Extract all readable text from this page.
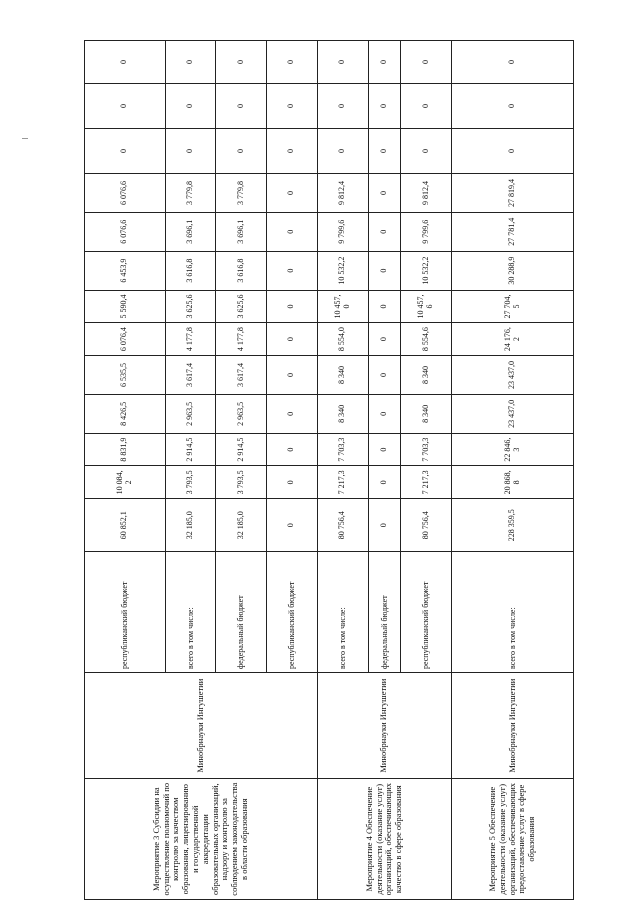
Мероприятие 3 Субсидии на осуществление полномочий по контролю за качеством образования, лицензированию и государственной аккредитации образовательных организаций, надзору и контролю за соблюдением законодательства в области образования	Минобрнауки Ингушетии	республиканский бюджет	60 852,1	10 084,2	8 831,9	8 426,5	6 535,5	6 076,4	5 590,4	6 453,9	6 076,6	6 076,6	0	0	0
		всего в том числе:	32 185,0	3 793,5	2 914,5	2 963,5	3 617,4	4 177,8	3 625,6	3 616,8	3 696,1	3 779,8	0	0	0
		федеральный бюджет	32 185,0	3 793,5	2 914,5	2 963,5	3 617,4	4 177,8	3 625,6	3 616,8	3 696,1	3 779,8	0	0	0
		республиканский бюджет	0	0	0	0	0	0	0	0	0	0	0	0	0
Мероприятие 4 Обеспечение деятельности (оказание услуг) организаций, обеспечивающих качество в сфере образования	Минобрнауки Ингушетии	всего в том числе:	80 756,4	7 217,3	7 703,3	8 340	8 340	8 554,0	10 457,0	10 532,2	9 799,6	9 812,4	0	0	0
		федеральный бюджет	0	0	0	0	0	0	0	0	0	0	0	0	0
		республиканский бюджет	80 756,4	7 217,3	7 703,3	8 340	8 340	8 554,6	10 457,6	10 532,2	9 799,6	9 812,4	0	0	0
Мероприятие 5 Обеспечение деятельности (оказание услуг) организаций, обеспечивающих предоставление услуг в сфере образования	Минобрнауки Ингушетии	всего в том числе:	228 359,5	20 868,8	22 846,3	23 437,0	23 437,0	24 176,2	27 704,5	30 288,9	27 781,4	27 819,4	0	0	0
